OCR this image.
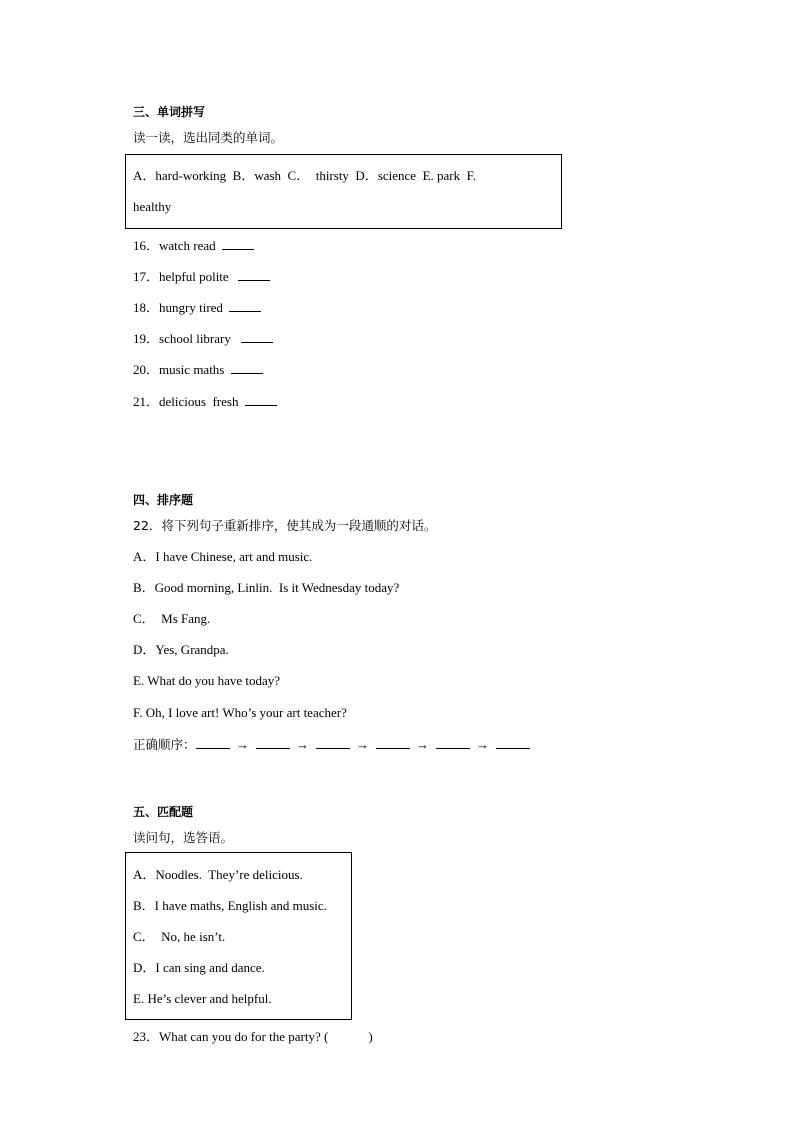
三、单词拼写
读一读，选出同类的单词。
A．hard-working  B．wash  C．  thirsty  D．science  E. park  F.
healthy
16．watch read
17．helpful polite
18．hungry tired
19．school library
20．music maths
21．delicious  fresh
四、排序题
22．将下列句子重新排序，使其成为一段通顺的对话。
A．I have Chinese, art and music.
B．Good morning, Linlin.  Is it Wednesday today?
C．  Ms Fang.
D．Yes, Grandpa.
E. What do you have today?
F. Oh, I love art! Who’s your art teacher?
正确顺序：	→	→	→	→	→
五、匹配题
读问句，选答语。
A．Noodles.  They’re delicious.
B．I have maths, English and music.
C．  No, he isn’t.
D．I can sing and dance.
E. He’s clever and helpful.
23．What can you do for the party? (	)
